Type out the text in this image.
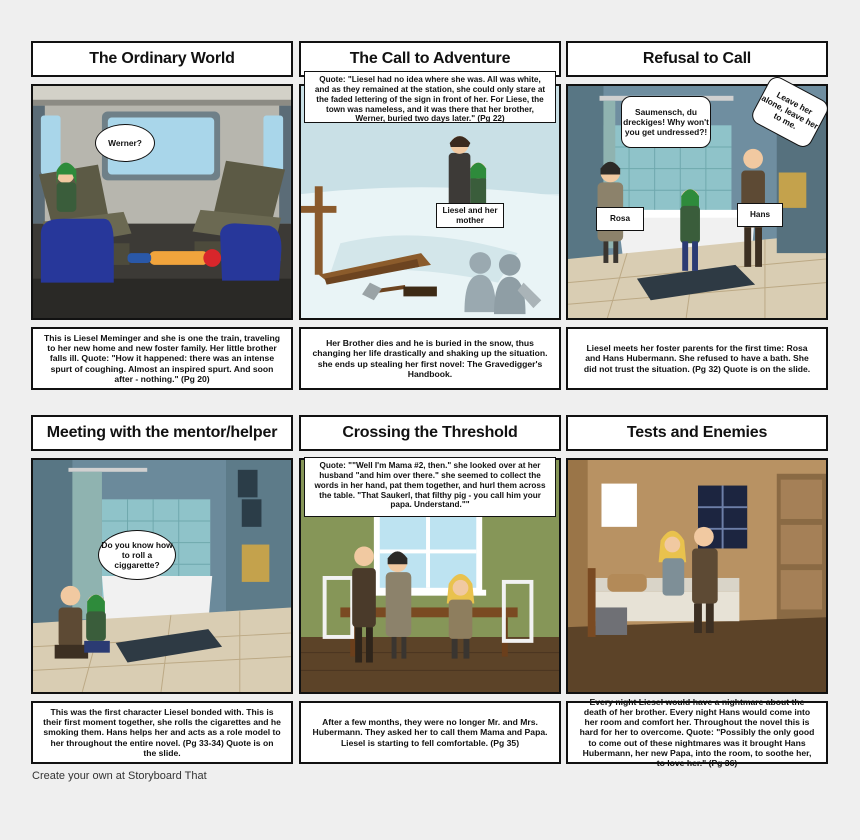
The Ordinary World
Werner?
This is Liesel Meminger and she is one the train, traveling to her new home and new foster family. Her little brother falls ill. Quote: "How it happened: there was an intense spurt of coughing. Almost an inspired spurt. And soon after - nothing." (Pg 20)
The Call to Adventure
Quote: "Liesel had no idea where she was. All was white, and as they remained at the station, she could only stare at the faded lettering of the sign in front of her. For Liese, the town was nameless, and it was there that her brother, Werner, buried two days later." (Pg 22)
Liesel and her mother
Her Brother dies and he is buried in the snow, thus changing her life drastically and shaking up the situation. she ends up stealing her first novel: The Gravedigger's Handbook.
Refusal to Call
Saumensch, du dreckiges! Why won't you get undressed?!
Leave her alone, leave her to me.
Rosa	Hans
Liesel meets her foster parents for the first time: Rosa and Hans Hubermann. She refused to have a bath. She did not trust the situation. (Pg 32) Quote is on the slide.
Meeting with the mentor/helper
Do you know how to roll a ciggarette?
This was the first character Liesel bonded with. This is their first moment together, she rolls the cigarettes and he smoking them. Hans helps her and acts as a role model to her throughout the entire novel. (Pg 33-34) Quote is on the slide.
Crossing the Threshold
Quote: ""Well I'm Mama #2, then." she looked over at her husband "and him over there." she seemed to collect the words in her hand, pat them together, and hurl them across the table. "That Saukerl, that filthy pig - you call him your papa. Understand.""
After a few months, they were no longer Mr. and Mrs. Hubermann. They asked her to call them Mama and Papa. Liesel is starting to fell comfortable. (Pg 35)
Tests and Enemies
Every night Liesel would have a nightmare about the death of her brother. Every night Hans would come into her room and comfort her. Throughout the novel this is hard for her to overcome. Quote: "Possibly the only good to come out of these nightmares was it brought Hans Hubermann, her new Papa, into the room, to soothe her, to love her." (Pg 36)
Create your own at Storyboard That
